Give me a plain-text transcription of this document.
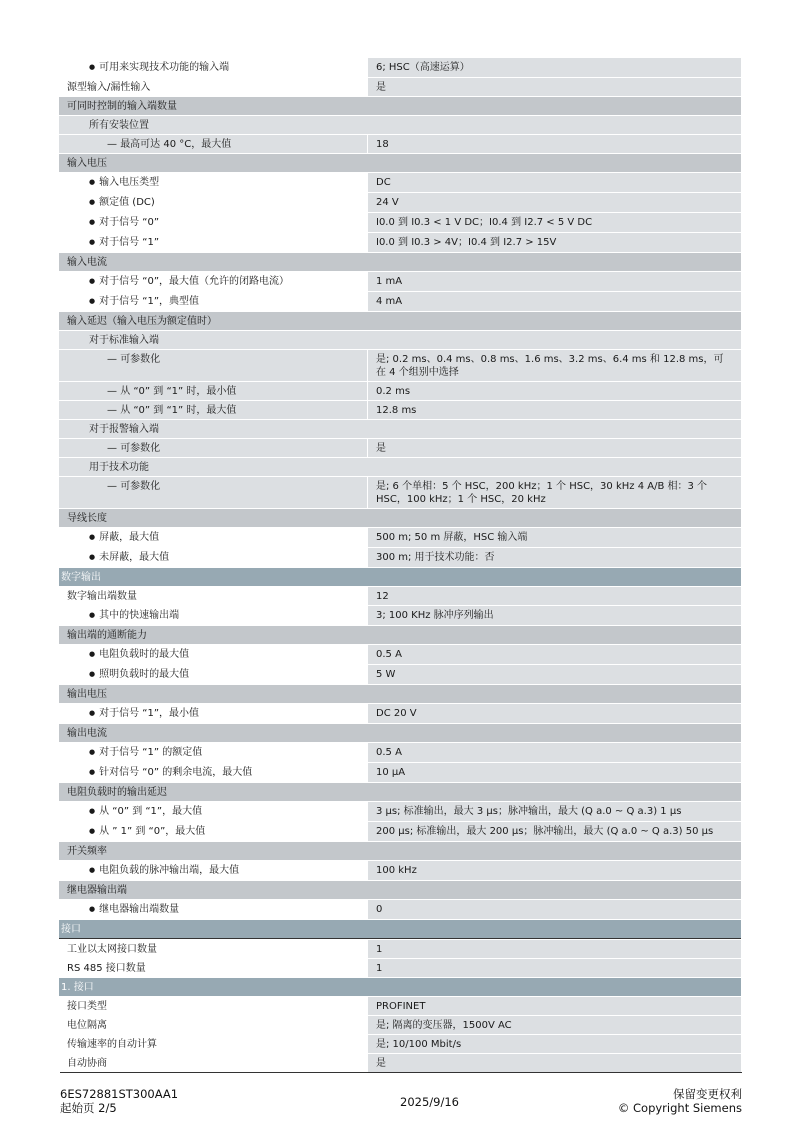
● 可用来实现技术功能的输入端	6; HSC（高速运算）
源型输入/漏性输入	是
可同时控制的输入端数量
所有安装位置
— 最高可达 40 °C，最大值	18
输入电压
● 输入电压类型	DC
● 额定值 (DC)	24 V
● 对于信号 “0”	I0.0 到 I0.3 < 1 V DC；I0.4 到 I2.7 < 5 V DC
● 对于信号 “1”	I0.0 到 I0.3 > 4V；I0.4 到 I2.7 > 15V
输入电流
● 对于信号 “0”，最大值（允许的闭路电流）	1 mA
● 对于信号 “1”，典型值	4 mA
输入延迟（输入电压为额定值时）
对于标准输入端
— 可参数化	是; 0.2 ms、0.4 ms、0.8 ms、1.6 ms、3.2 ms、6.4 ms 和 12.8 ms，可在 4 个组别中选择
— 从 “0” 到 “1” 时，最小值	0.2 ms
— 从 “0” 到 “1” 时，最大值	12.8 ms
对于报警输入端
— 可参数化	是
用于技术功能
— 可参数化	是; 6 个单相：5 个 HSC，200 kHz；1 个 HSC，30 kHz 4 A/B 相：3 个 HSC，100 kHz；1 个 HSC，20 kHz
导线长度
● 屏蔽，最大值	500 m; 50 m 屏蔽，HSC 输入端
● 未屏蔽，最大值	300 m; 用于技术功能：否
数字输出
数字输出端数量	12
● 其中的快速输出端	3; 100 KHz 脉冲序列输出
输出端的通断能力
● 电阻负载时的最大值	0.5 A
● 照明负载时的最大值	5 W
输出电压
● 对于信号 “1”，最小值	DC 20 V
输出电流
● 对于信号 “1” 的额定值	0.5 A
● 针对信号 “0” 的剩余电流，最大值	10 µA
电阻负载时的输出延迟
● 从 “0” 到 “1”，最大值	3 µs; 标准输出，最大 3 µs；脉冲输出，最大 (Q a.0 ~ Q a.3) 1 µs
● 从 ” 1” 到 “0”，最大值	200 µs; 标准输出，最大 200 µs；脉冲输出，最大 (Q a.0 ~ Q a.3) 50 µs
开关频率
● 电阻负载的脉冲输出端，最大值	100 kHz
继电器输出端
● 继电器输出端数量	0
接口
工业以太网接口数量	1
RS 485 接口数量	1
1. 接口
接口类型	PROFINET
电位隔离	是; 隔离的变压器，1500V AC
传输速率的自动计算	是; 10/100 Mbit/s
自动协商	是
6ES72881ST300AA1
起始页 2/5	2025/9/16
保留变更权利
© Copyright Siemens
